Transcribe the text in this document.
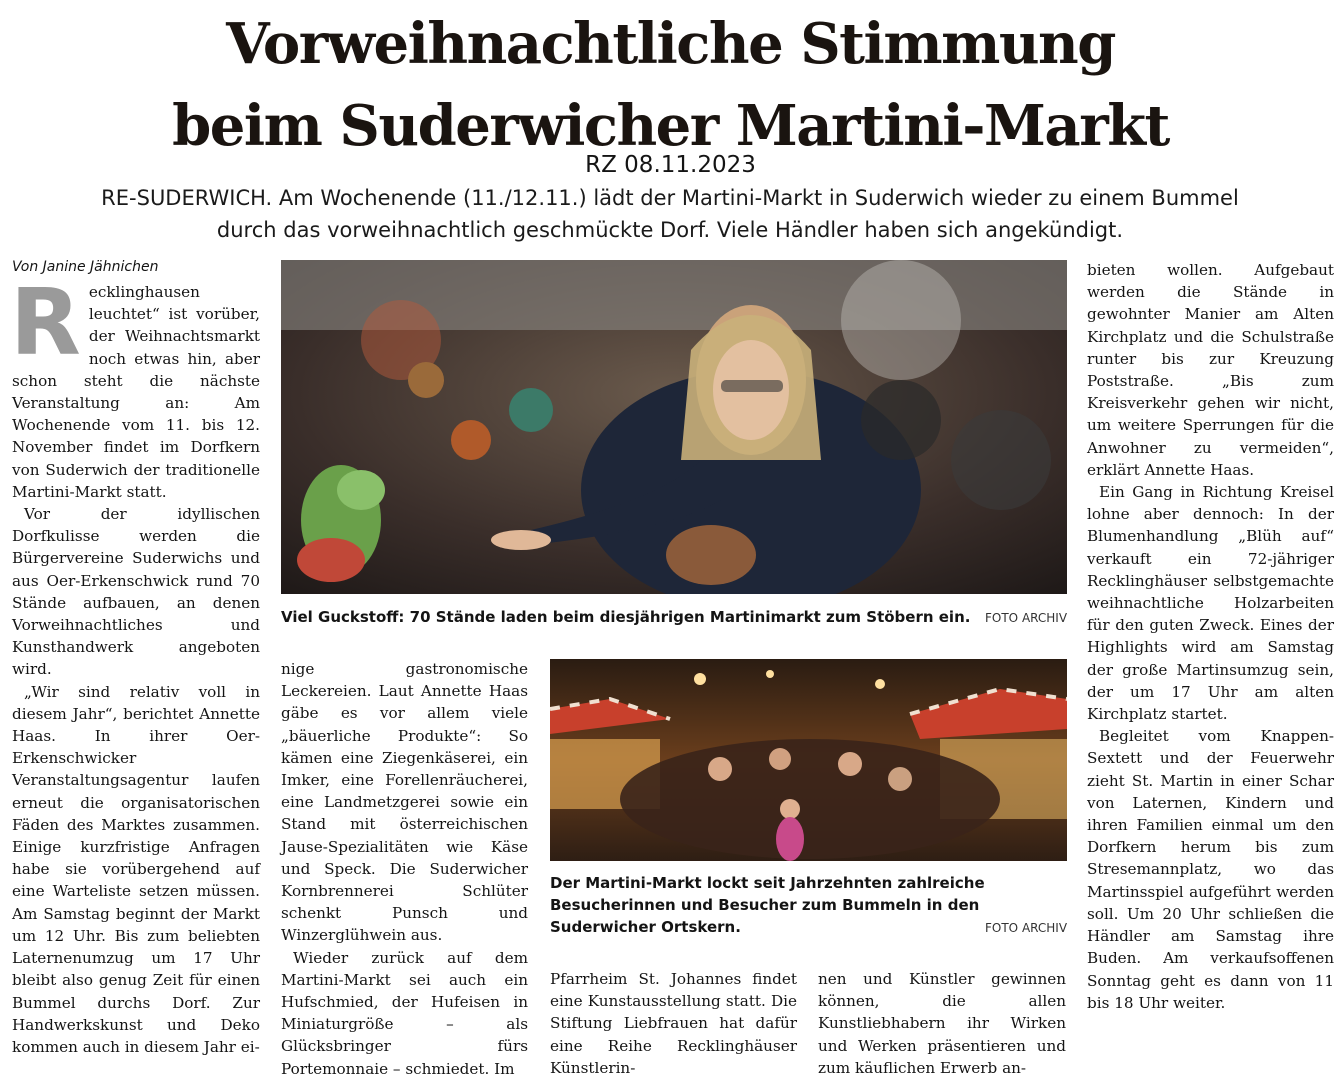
Vorweihnachtliche Stimmung
beim Suderwicher Martini-Markt
RZ 08.11.2023
RE-SUDERWICH. Am Wochenende (11./12.11.) lädt der Martini-Markt in Suderwich wieder zu einem Bummel
durch das vorweihnachtlich geschmückte Dorf. Viele Händler haben sich angekündigt.
Von Janine Jähnichen
R ecklinghausen leuchtet“ ist vorüber, der Weihnachtsmarkt noch etwas hin, aber schon steht die nächste Veranstaltung an: Am Wochenende vom 11. bis 12. November findet im Dorfkern von Suderwich der traditionelle Martini-Markt statt.

Vor der idyllischen Dorfkulisse werden die Bürgervereine Suderwichs und aus Oer-Erkenschwick rund 70 Stände aufbauen, an denen Vorweihnachtliches und Kunsthandwerk angeboten wird.

„Wir sind relativ voll in diesem Jahr“, berichtet Annette Haas. In ihrer Oer-Erkenschwicker Veranstaltungsagentur laufen erneut die organisatorischen Fäden des Marktes zusammen. Einige kurzfristige Anfragen habe sie vorübergehend auf eine Warteliste setzen müssen. Am Samstag beginnt der Markt um 12 Uhr. Bis zum beliebten Laternenumzug um 17 Uhr bleibt also genug Zeit für einen Bummel durchs Dorf. Zur Handwerkskunst und Deko kommen auch in diesem Jahr ei-

Viel Guckstoff: 70 Stände laden beim diesjährigen Martinimarkt zum Stöbern ein.	FOTO ARCHIV

nige gastronomische Leckereien. Laut Annette Haas gäbe es vor allem viele „bäuerliche Produkte“: So kämen eine Ziegenkäserei, ein Imker, eine Forellenräucherei, eine Landmetzgerei sowie ein Stand mit österreichischen Jause-Spezialitäten wie Käse und Speck. Die Suderwicher Kornbrennerei Schlüter schenkt Punsch und Winzerglühwein aus.

Wieder zurück auf dem Martini-Markt sei auch ein Hufschmied, der Hufeisen in Miniaturgröße – als Glücksbringer fürs Portemonnaie – schmiedet. Im

Der Martini-Markt lockt seit Jahrzehnten zahlreiche Besucherinnen und Besucher zum Bummeln in den Suderwicher Ortskern.	FOTO ARCHIV

Pfarrheim St. Johannes findet eine Kunstausstellung statt. Die Stiftung Liebfrauen hat dafür eine Reihe Recklinghäuser Künstlerin-

nen und Künstler gewinnen können, die allen Kunstliebhabern ihr Wirken und Werken präsentieren und zum käuflichen Erwerb an-

bieten wollen. Aufgebaut werden die Stände in gewohnter Manier am Alten Kirchplatz und die Schulstraße runter bis zur Kreuzung Poststraße. „Bis zum Kreisverkehr gehen wir nicht, um weitere Sperrungen für die Anwohner zu vermeiden“, erklärt Annette Haas.

Ein Gang in Richtung Kreisel lohne aber dennoch: In der Blumenhandlung „Blüh auf“ verkauft ein 72-jähriger Recklinghäuser selbstgemachte weihnachtliche Holzarbeiten für den guten Zweck. Eines der Highlights wird am Samstag der große Martinsumzug sein, der um 17 Uhr am alten Kirchplatz startet.

Begleitet vom Knappen-Sextett und der Feuerwehr zieht St. Martin in einer Schar von Laternen, Kindern und ihren Familien einmal um den Dorfkern herum bis zum Stresemannplatz, wo das Martinsspiel aufgeführt werden soll. Um 20 Uhr schließen die Händler am Samstag ihre Buden. Am verkaufsoffenen Sonntag geht es dann von 11 bis 18 Uhr weiter.
